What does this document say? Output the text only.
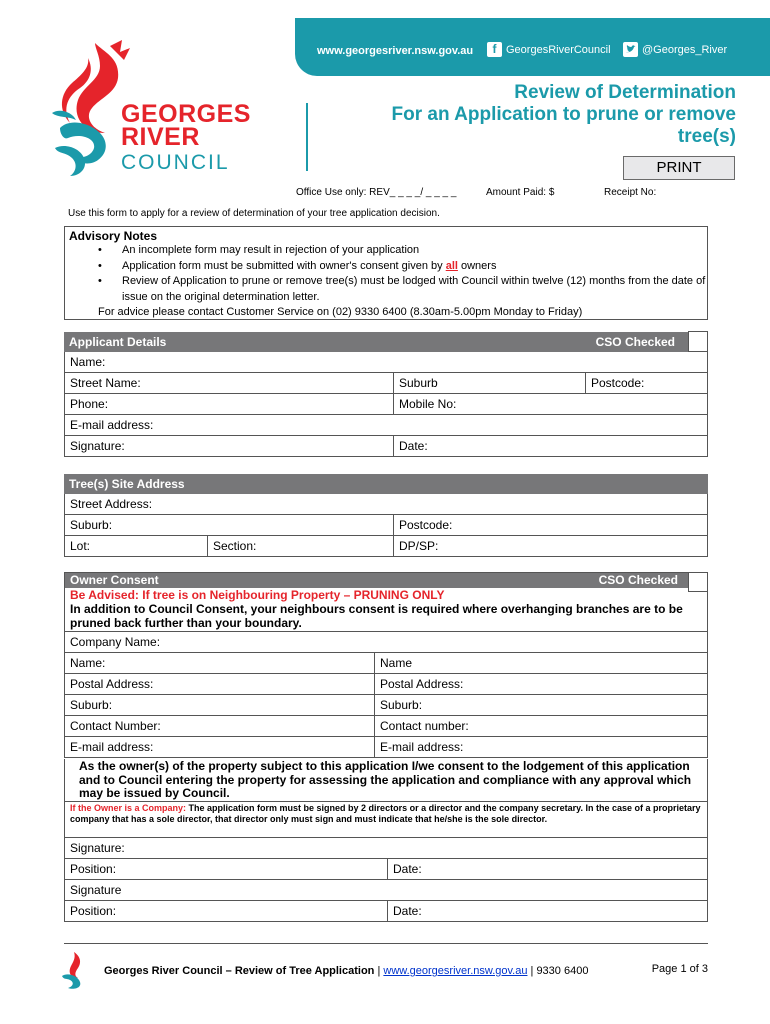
www.georgesriver.nsw.gov.au	f GeorgesRiverCouncil	@Georges_River
GEORGES
RIVER
COUNCIL
Review of Determination
For an Application to prune or remove
tree(s)
PRINT
Office Use only: REV_ _ _ _/ _ _ _ _	Amount Paid: $	Receipt No:
Use this form to apply for a review of determination of your tree application decision.
Advisory Notes
• An incomplete form may result in rejection of your application
• Application form must be submitted with owner's consent given by all owners
• Review of Application to prune or remove tree(s) must be lodged with Council within twelve (12) months from the date of issue on the original determination letter.
For advice please contact Customer Service on (02) 9330 6400 (8.30am-5.00pm Monday to Friday)
Applicant Details	CSO Checked
Name:
Street Name:	Suburb	Postcode:
Phone:	Mobile No:
E-mail address:
Signature:	Date:
Tree(s) Site Address
Street Address:
Suburb:	Postcode:
Lot:	Section:	DP/SP:
Owner Consent	CSO Checked
Be Advised: If tree is on Neighbouring Property – PRUNING ONLY
In addition to Council Consent, your neighbours consent is required where overhanging branches are to be pruned back further than your boundary.
Company Name:
Name:	Name
Postal Address:	Postal Address:
Suburb:	Suburb:
Contact Number:	Contact number:
E-mail address:	E-mail address:
As the owner(s) of the property subject to this application I/we consent to the lodgement of this application and to Council entering the property for assessing the application and compliance with any approval which may be issued by Council.
If the Owner is a Company: The application form must be signed by 2 directors or a director and the company secretary. In the case of a proprietary company that has a sole director, that director only must sign and must indicate that he/she is the sole director.
Signature:
Position:	Date:
Signature
Position:	Date:
Georges River Council – Review of Tree Application | www.georgesriver.nsw.gov.au | 9330 6400	Page 1 of 3
